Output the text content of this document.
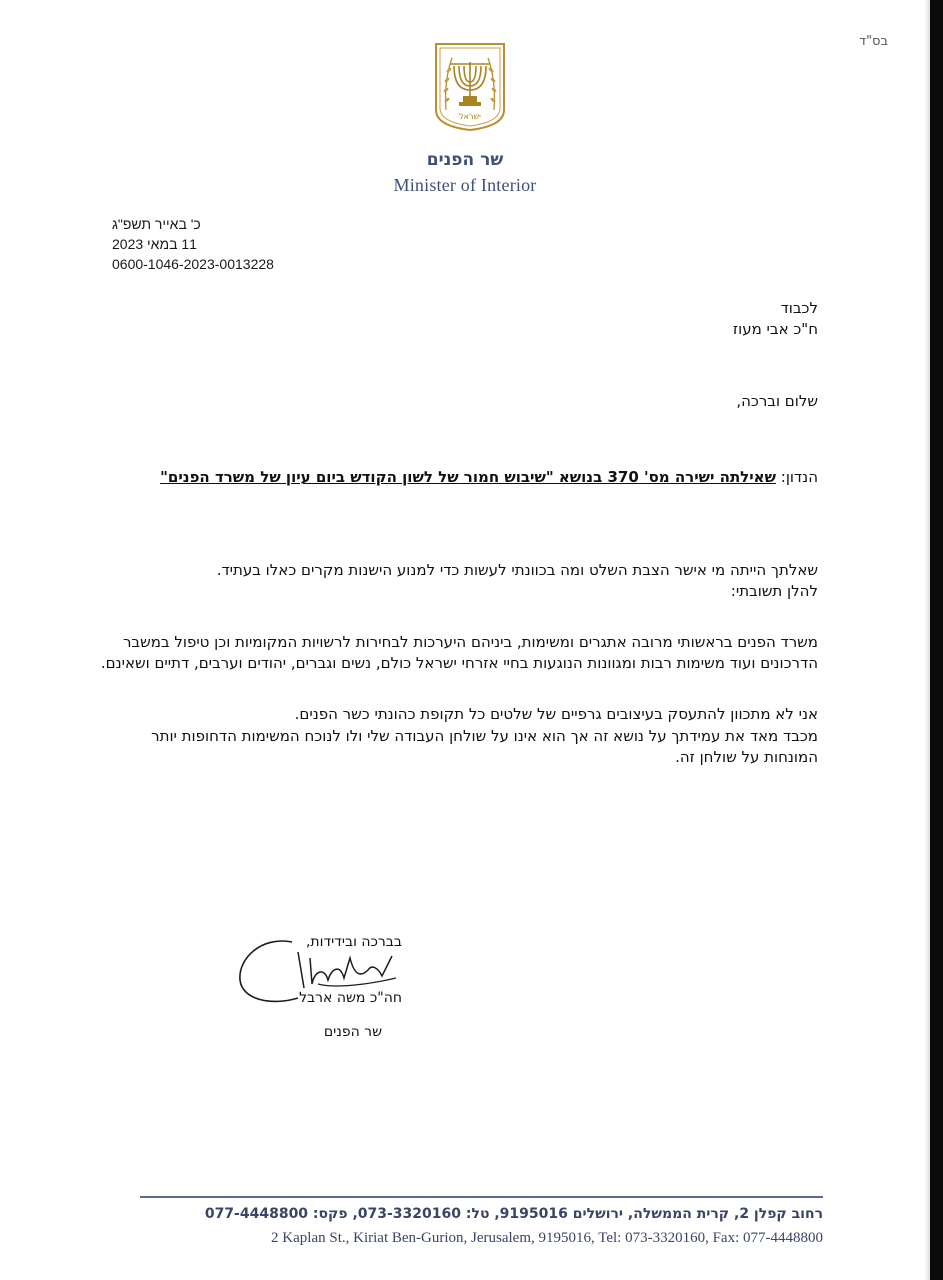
בס"ד
ישראל
שר הפנים
Minister of Interior
כ' באייר תשפ"ג
11 במאי 2023
0600-1046-2023-0013228
לכבוד
ח"כ אבי מעוז
שלום וברכה,
הנדון: שאילתה ישירה מס' 370 בנושא "שיבוש חמור של לשון הקודש ביום עיון של משרד הפנים"
שאלתך הייתה מי אישר הצבת השלט ומה בכוונתי לעשות כדי למנוע הישנות מקרים כאלו בעתיד.
להלן תשובתי:
משרד הפנים בראשותי מרובה אתגרים ומשימות, ביניהם היערכות לבחירות לרשויות המקומיות וכן טיפול במשבר הדרכונים ועוד משימות רבות ומגוונות הנוגעות בחיי אזרחי ישראל כולם, נשים וגברים, יהודים וערבים, דתיים ושאינם.
אני לא מתכוון להתעסק בעיצובים גרפיים של שלטים כל תקופת כהונתי כשר הפנים.
מכבד מאד את עמידתך על נושא זה אך הוא אינו על שולחן העבודה שלי ולו לנוכח המשימות הדחופות יותר המונחות על שולחן זה.
בברכה ובידידות,
חה"כ משה ארבל
שר הפנים
רחוב קפלן 2, קרית הממשלה, ירושלים 9195016, טל: 073-3320160, פקס: 077-4448800
2 Kaplan St., Kiriat Ben-Gurion, Jerusalem, 9195016, Tel: 073-3320160, Fax: 077-4448800
